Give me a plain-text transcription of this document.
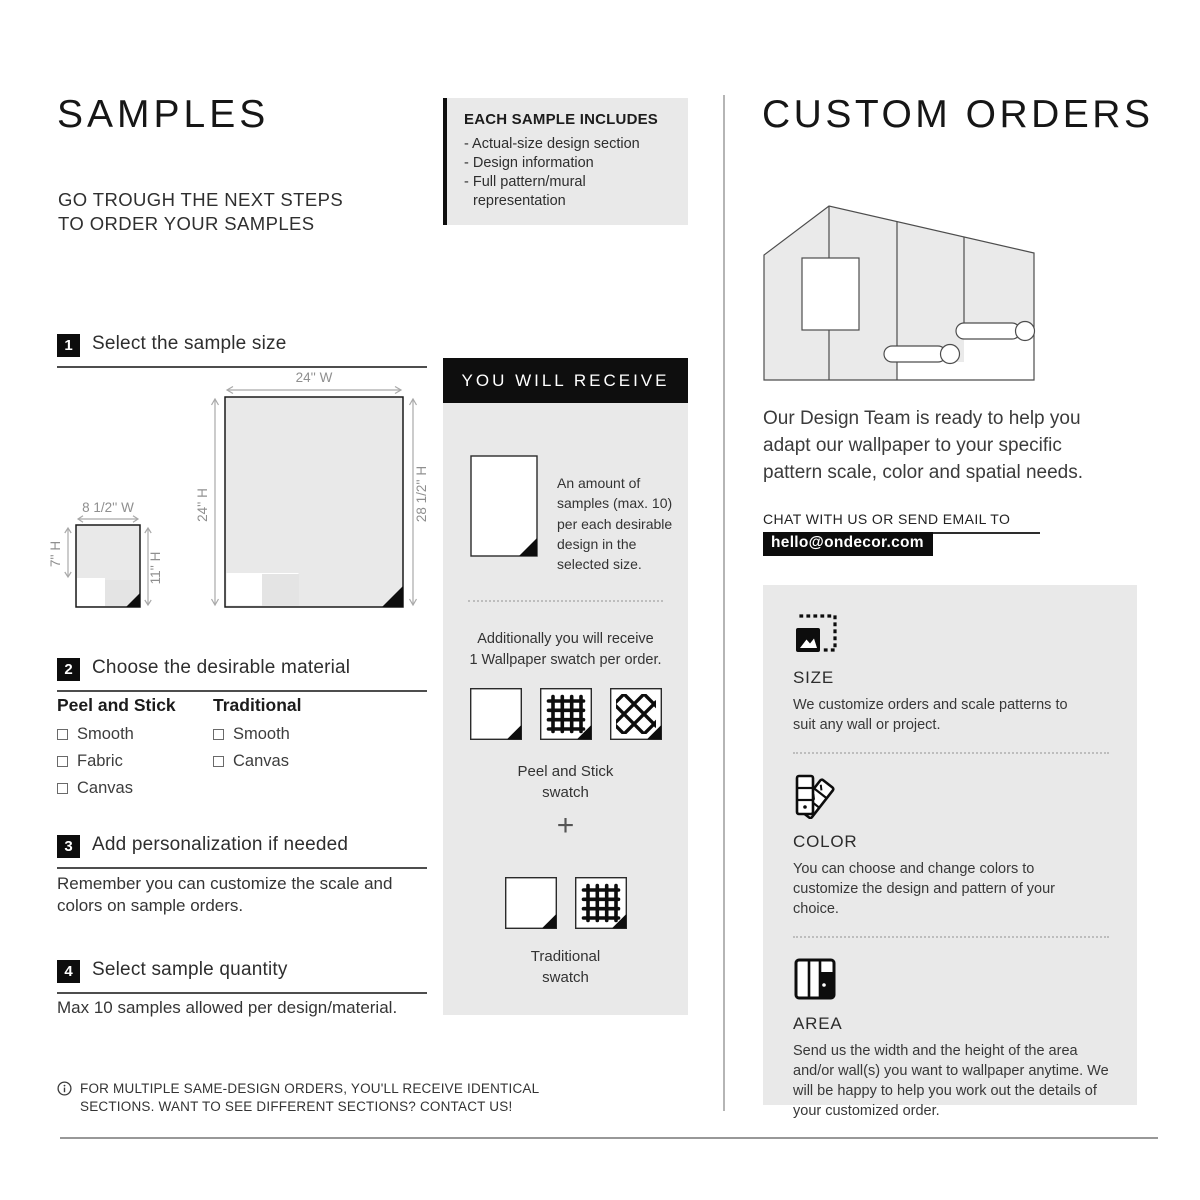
SAMPLES
GO TROUGH THE NEXT STEPS
TO ORDER YOUR SAMPLES
1	Select the sample size
24'' W
24'' H	28 1/2'' H
8 1/2'' W
7'' H	11'' H
2	Choose the desirable material
Peel and Stick
Smooth
Fabric
Canvas
Traditional
Smooth
Canvas
3	Add personalization if needed
Remember you can customize the scale and colors on sample orders.
4	Select sample quantity
Max 10 samples allowed per design/material.
FOR MULTIPLE SAME-DESIGN ORDERS, YOU'LL RECEIVE IDENTICAL
SECTIONS. WANT TO SEE DIFFERENT SECTIONS? CONTACT US!
EACH SAMPLE INCLUDES
- Actual-size design section
- Design information
- Full pattern/mural representation
YOU WILL RECEIVE
An amount of samples (max. 10) per each desirable design in the selected size.
Additionally you will receive
1 Wallpaper swatch per order.
Peel and Stick
swatch
+
Traditional
swatch
CUSTOM ORDERS
Our Design Team is ready to help you adapt our wallpaper to your specific pattern scale, color and spatial needs.
CHAT WITH US OR SEND EMAIL TO
hello@ondecor.com
SIZE
We customize orders and scale patterns to suit any wall or project.
COLOR
You can choose and change colors to customize the design and pattern of your choice.
AREA
Send us the width and the height of the area and/or wall(s) you want to wallpaper anytime. We will be happy to help you work out the details of your customized order.
